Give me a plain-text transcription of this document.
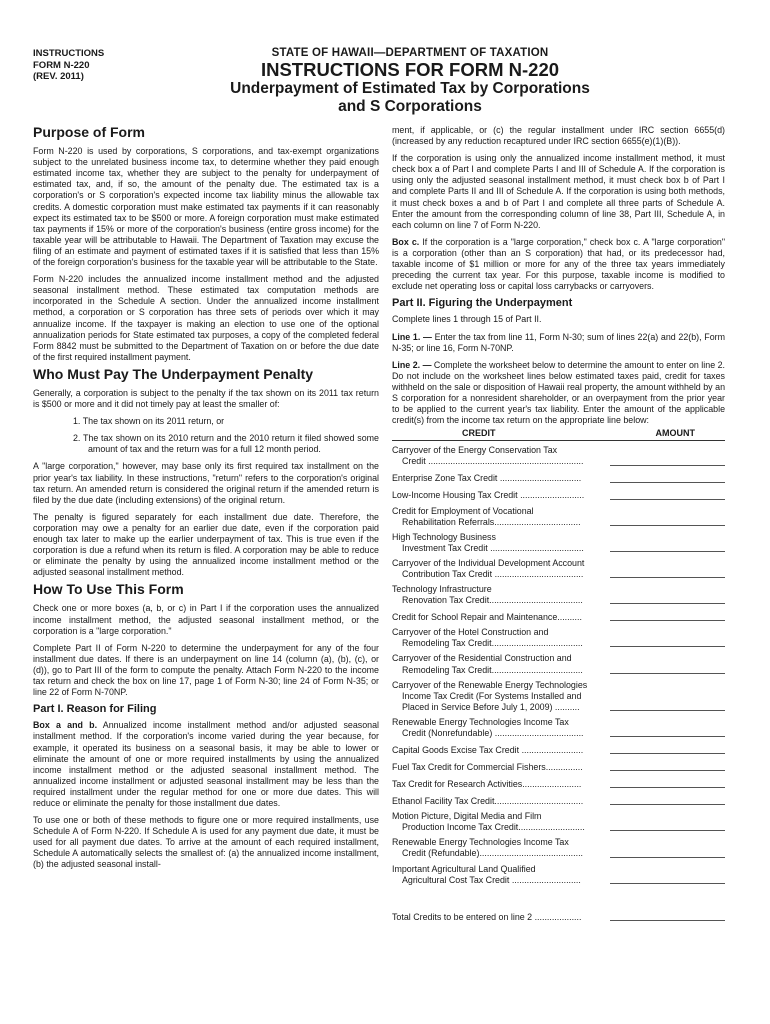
INSTRUCTIONS
FORM N-220
(REV. 2011)
STATE OF HAWAII—DEPARTMENT OF TAXATION
INSTRUCTIONS FOR FORM N-220
Underpayment of Estimated Tax by Corporations
and S Corporations
Purpose of Form

Form N-220 is used by corporations, S corporations, and tax-exempt organizations subject to the unrelated business income tax, to determine whether they paid enough estimated income tax, whether they are subject to the penalty for underpayment of estimated tax, and, if so, the amount of the penalty due. The estimated tax is a corporation's or S corporation's expected income tax liability minus the allowable tax credits. A domestic corporation must make estimated tax payments if it can reasonably expect its estimated tax to be $500 or more. A foreign corporation must make estimated tax payments if 15% or more of the corporation's business (entire gross income) for the taxable year will be attributable to Hawaii. The Department of Taxation may excuse the filing of an estimate and payment of estimated taxes if it is satisfied that less than 15% of the foreign corporation's business for the taxable year will be attributable to the State.

Form N-220 includes the annualized income installment method and the adjusted seasonal installment method. These estimated tax computation methods are incorporated in the Schedule A section. Under the annualized income installment method, a corporation or S corporation has three sets of periods over which it may annualize income. If the taxpayer is making an election to use one of the optional annualization periods for State estimated tax purposes, a copy of the completed federal Form 8842 must be submitted to the Department of Taxation on or before the due date of the first required installment payment.

Who Must Pay The Underpayment Penalty

Generally, a corporation is subject to the penalty if the tax shown on its 2011 tax return is $500 or more and it did not timely pay at least the smaller of:

1. The tax shown on its 2011 return, or

2. The tax shown on its 2010 return and the 2010 return it filed showed some amount of tax and the return was for a full 12 month period.

A "large corporation," however, may base only its first required tax installment on the prior year's tax liability. In these instructions, "return" refers to the corporation's original tax return. An amended return is considered the original return if the amended return is filed by the due date (including extensions) of the original return.

The penalty is figured separately for each installment due date. Therefore, the corporation may owe a penalty for an earlier due date, even if the corporation paid enough tax later to make up the earlier underpayment of tax. This is true even if the corporation is due a refund when its return is filed. A corporation may be able to reduce or eliminate the penalty by using the annualized income installment method or the adjusted seasonal installment method.

How To Use This Form

Check one or more boxes (a, b, or c) in Part I if the corporation uses the annualized income installment method, the adjusted seasonal installment method, or the corporation is a "large corporation."

Complete Part II of Form N-220 to determine the underpayment for any of the four installment due dates. If there is an underpayment on line 14 (column (a), (b), (c), or (d)), go to Part III of the form to compute the penalty. Attach Form N-220 to the income tax return and check the box on line 17, page 1 of Form N-30; line 24 of Form N-35; or line 22 of Form N-70NP.

Part I. Reason for Filing

Box a and b. Annualized income installment method and/or adjusted seasonal installment method. If the corporation's income varied during the year because, for example, it operated its business on a seasonal basis, it may be able to lower or eliminate the amount of one or more required installments by using the annualized income installment method or the adjusted seasonal installment method. The annualized income installment or adjusted seasonal installment may be less than the required installment under the regular method for one or more due dates. This will reduce or eliminate the penalty for those installment due dates.

To use one or both of these methods to figure one or more required installments, use Schedule A of Form N-220. If Schedule A is used for any payment due date, it must be used for all payment due dates. To arrive at the amount of each required installment, Schedule A automatically selects the smallest of: (a) the annualized income installment, (b) the adjusted seasonal install-

ment, if applicable, or (c) the regular installment under IRC section 6655(d) (increased by any reduction recaptured under IRC section 6655(e)(1)(B)).

If the corporation is using only the annualized income installment method, it must check box a of Part I and complete Parts I and III of Schedule A. If the corporation is using only the adjusted seasonal installment method, it must check box b of Part I and complete Parts II and III of Schedule A. If the corporation is using both methods, it must check boxes a and b of Part I and complete all three parts of Schedule A. Enter the amount from the corresponding column of line 38, Part III, Schedule A, in each column on line 7 of Form N-220.

Box c. If the corporation is a "large corporation," check box c. A "large corporation" is a corporation (other than an S corporation) that had, or its predecessor had, taxable income of $1 million or more for any of the three tax years immediately preceding the current tax year. For this purpose, taxable income is modified to exclude net operating loss or capital loss carrybacks or carryovers.

Part II. Figuring the Underpayment

Complete lines 1 through 15 of Part II.

Line 1. — Enter the tax from line 11, Form N-30; sum of lines 22(a) and 22(b), Form N-35; or line 16, Form N-70NP.

Line 2. — Complete the worksheet below to determine the amount to enter on line 2. Do not include on the worksheet lines below estimated taxes paid, credit for taxes withheld on the sale or disposition of Hawaii real property, the amount withheld by an S corporation for a nonresident shareholder, or an overpayment from the prior year to be applied to the current year's tax liability. Enter the amount of the applicable credit(s) from the income tax return on the appropriate line below:

CREDIT	AMOUNT
Carryover of the Energy Conservation Tax
Credit ...............................................................
Enterprise Zone Tax Credit .................................
Low-Income Housing Tax Credit ..........................
Credit for Employment of Vocational
Rehabilitation Referrals...................................
High Technology Business
Investment Tax Credit ......................................
Carryover of the Individual Development Account
Contribution Tax Credit ....................................
Technology Infrastructure
Renovation Tax Credit......................................
Credit for School Repair and Maintenance..........
Carryover of the Hotel Construction and
Remodeling Tax Credit.....................................
Carryover of the Residential Construction and
Remodeling Tax Credit.....................................
Carryover of the Renewable Energy Technologies
Income Tax Credit (For Systems Installed and
Placed in Service Before July 1, 2009) ..........
Renewable Energy Technologies Income Tax
Credit (Nonrefundable) ....................................
Capital Goods Excise Tax Credit .........................
Fuel Tax Credit for Commercial Fishers...............
Tax Credit for Research Activities........................
Ethanol Facility Tax Credit....................................
Motion Picture, Digital Media and Film
Production Income Tax Credit...........................
Renewable Energy Technologies Income Tax
Credit (Refundable)..........................................
Important Agricultural Land Qualified
Agricultural Cost Tax Credit ............................
Total Credits to be entered on line 2 ...................
